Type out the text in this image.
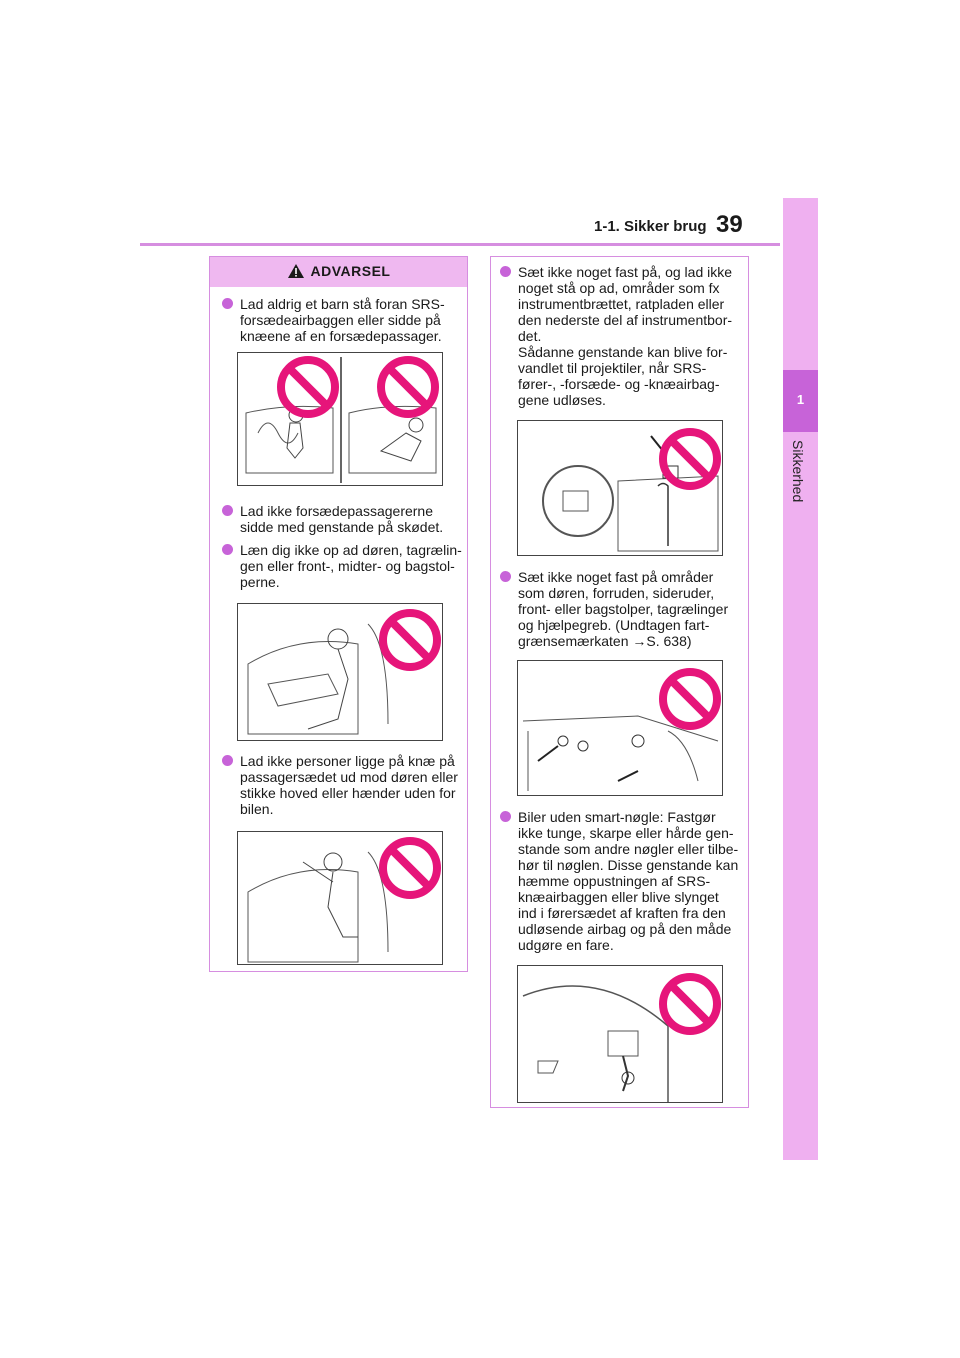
1-1. Sikker brug 39
1
Sikkerhed
ADVARSEL
Lad aldrig et barn stå foran SRS-
forsædeairbaggen eller sidde på
knæene af en forsædepassager.
Lad ikke forsædepassagererne
sidde med genstande på skødet.
Læn dig ikke op ad døren, tagrælin-
gen eller front-, midter- og bagstol-
perne.
Lad ikke personer ligge på knæ på
passagersædet ud mod døren eller
stikke hoved eller hænder uden for
bilen.
Sæt ikke noget fast på, og lad ikke
noget stå op ad, områder som fx
instrumentbrættet, ratpladen eller
den nederste del af instrumentbor-
det.
Sådanne genstande kan blive for-
vandlet til projektiler, når SRS-
fører-, -forsæde- og -knæairbag-
gene udløses.
Sæt ikke noget fast på områder
som døren, forruden, sideruder,
front- eller bagstolper, tagrælinger
og hjælpegreb. (Undtagen fart-
grænsemærkaten →S. 638)
Biler uden smart-nøgle: Fastgør
ikke tunge, skarpe eller hårde gen-
stande som andre nøgler eller tilbe-
hør til nøglen. Disse genstande kan
hæmme oppustningen af SRS-
knæairbaggen eller blive slynget
ind i førersædet af kraften fra den
udløsende airbag og på den måde
udgøre en fare.
